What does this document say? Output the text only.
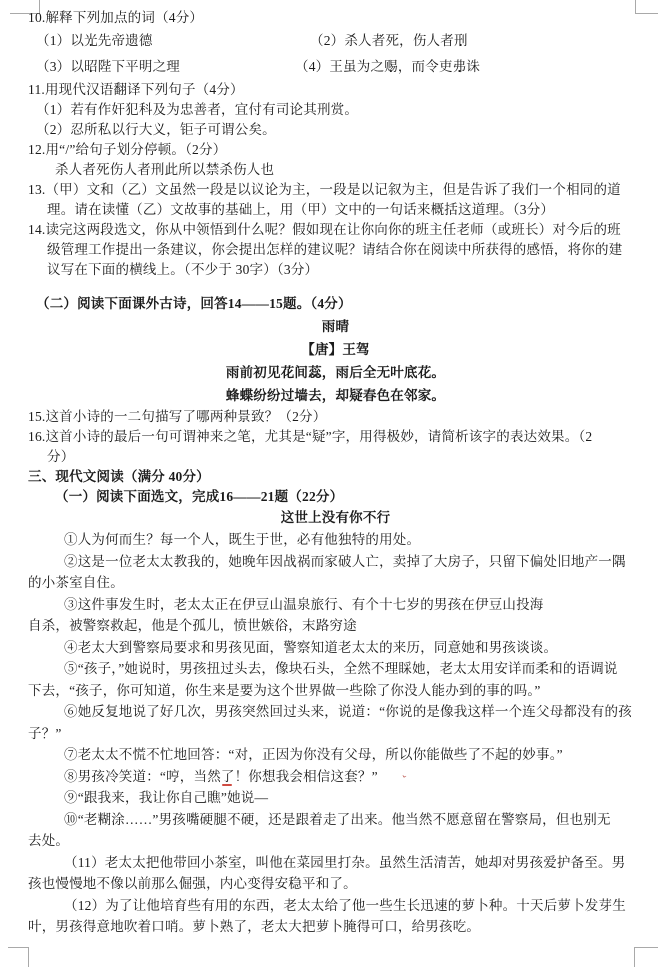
10.解释下列加点的词（4分）
（1）以光先帝遗德	（2）杀人者死，伤人者刑
（3）以昭陛下平明之理	（4）王虽为之赐，而令吏弗诛
11.用现代汉语翻译下列句子（4分）
（1）若有作奸犯科及为忠善者，宜付有司论其刑赏。
（2）忍所私以行大义，钜子可谓公矣。
12.用“/”给句子划分停顿。（2分）
杀人者死伤人者刑此所以禁杀伤人也
13.（甲）文和（乙）文虽然一段是以议论为主，一段是以记叙为主，但是告诉了我们一个相同的道
理。请在读懂（乙）文故事的基础上，用（甲）文中的一句话来概括这道理。（3分）
14.读完这两段选文，你从中领悟到什么呢？假如现在让你向你的班主任老师（或班长）对今后的班
级管理工作提出一条建议，你会提出怎样的建议呢？请结合你在阅读中所获得的感悟，将你的建
议写在下面的横线上。（不少于 30字）（3分）
（二）阅读下面课外古诗，回答14——15题。（4分）
雨晴
【唐】王驾
雨前初见花间蕊，雨后全无叶底花。
蜂蝶纷纷过墙去，却疑春色在邻家。
15.这首小诗的一二句描写了哪两种景致？（2分）
16.这首小诗的最后一句可谓神来之笔，尤其是“疑”字，用得极妙，请简析该字的表达效果。（2
分）
三、现代文阅读（满分 40分）
（一）阅读下面选文，完成16——21题（22分）
这世上没有你不行
①人为何而生？每一个人，既生于世，必有他独特的用处。
②这是一位老太太教我的，她晚年因战祸而家破人亡，卖掉了大房子，只留下偏处旧地产一隅
的小茶室自住。
③这件事发生时，老太太正在伊豆山温泉旅行、有个十七岁的男孩在伊豆山投海
自杀，被警察救起，他是个孤儿，愤世嫉俗，末路穷途
④老太大到警察局要求和男孩见面，警察知道老太太的来历，同意她和男孩谈谈。
⑤“孩子，”她说时，男孩扭过头去，像块石头，全然不理睬她，老太太用安详而柔和的语调说
下去，“孩子，你可知道，你生来是要为这个世界做一些除了你没人能办到的事的吗。”
⑥她反复地说了好几次，男孩突然回过头来，说道：“你说的是像我这样一个连父母都没有的孩
子？”
⑦老太太不慌不忙地回答：“对，正因为你没有父母，所以你能做些了不起的妙事。”
⑧男孩冷笑道：“哼，当然了！你想我会相信这套？” ˇ
⑨“跟我来，我让你自己瞧”她说—
⑩“老糊涂……”男孩嘴硬腿不硬，还是跟着走了出来。他当然不愿意留在警察局，但也别无
去处。
（11）老太太把他带回小茶室，叫他在菜园里打杂。虽然生活清苦，她却对男孩爱护备至。男
孩也慢慢地不像以前那么倔强，内心变得安稳平和了。
（12）为了让他培育些有用的东西，老太太给了他一些生长迅速的萝卜种。十天后萝卜发芽生
叶，男孩得意地吹着口哨。萝卜熟了，老太大把萝卜腌得可口，给男孩吃。
